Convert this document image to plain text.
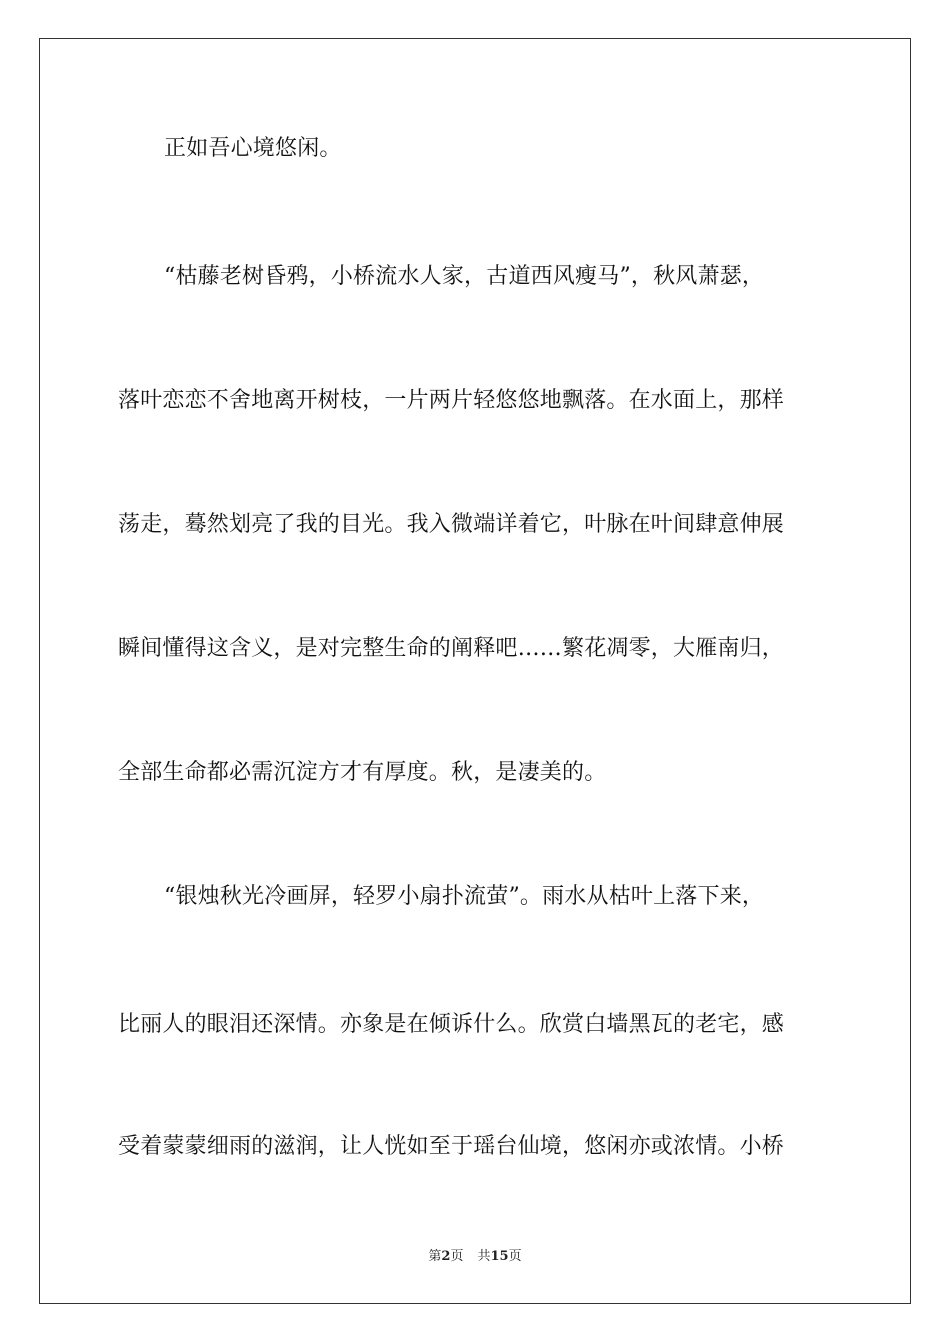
正如吾心境悠闲。
“枯藤老树昏鸦，小桥流水人家，古道西风瘦马”，秋风萧瑟，
落叶恋恋不舍地离开树枝，一片两片轻悠悠地飘落。在水面上，那样
荡走，蓦然划亮了我的目光。我入微端详着它，叶脉在叶间肆意伸展
瞬间懂得这含义，是对完整生命的阐释吧……繁花凋零，大雁南归，
全部生命都必需沉淀方才有厚度。秋，是凄美的。
“银烛秋光冷画屏，轻罗小扇扑流萤”。雨水从枯叶上落下来，
比丽人的眼泪还深情。亦象是在倾诉什么。欣赏白墙黑瓦的老宅，感
受着蒙蒙细雨的滋润，让人恍如至于瑶台仙境，悠闲亦或浓情。小桥
第2页 共15页
